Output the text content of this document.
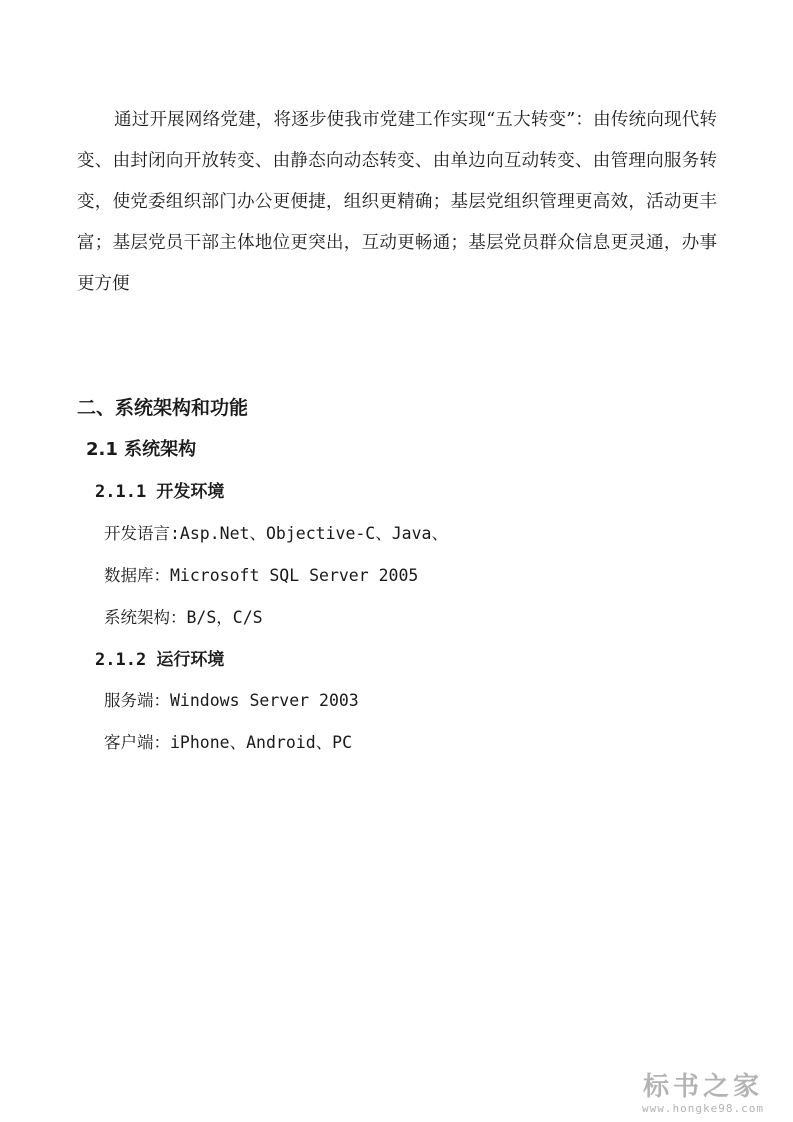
通过开展网络党建，将逐步使我市党建工作实现“五大转变”：由传统向现代转变、由封闭向开放转变、由静态向动态转变、由单边向互动转变、由管理向服务转变，使党委组织部门办公更便捷，组织更精确；基层党组织管理更高效，活动更丰富；基层党员干部主体地位更突出，互动更畅通；基层党员群众信息更灵通，办事更方便

二、系统架构和功能
2.1 系统架构
2.1.1 开发环境

开发语言:Asp.Net、Objective-C、Java、

数据库：Microsoft SQL Server 2005

系统架构：B/S，C/S

2.1.2 运行环境

服务端：Windows Server 2003

客户端：iPhone、Android、PC

标书之家
www.hongke98.com
